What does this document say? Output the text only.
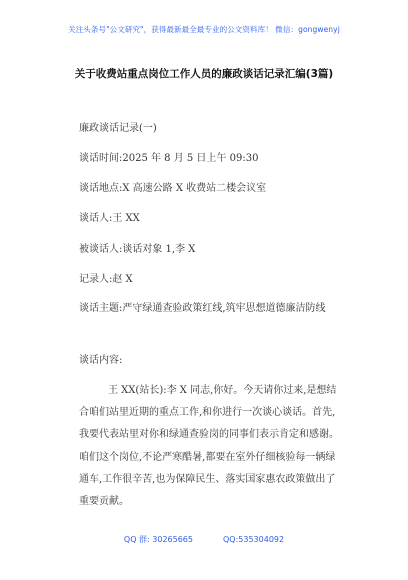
关注头条号"公文研究"，获得最新最全最专业的公文资料库！ 微信：gongwenyj
关于收费站重点岗位工作人员的廉政谈话记录汇编(3篇)
廉政谈话记录(一)
谈话时间:2025 年 8 月 5 日上午 09:30
谈话地点:X 高速公路 X 收费站二楼会议室
谈话人:王 XX
被谈话人:谈话对象 1,李 X
记录人:赵 X
谈话主题:严守绿通查验政策红线,筑牢思想道德廉洁防线
谈话内容:
王 XX(站长):李 X 同志,你好。今天请你过来,是想结合咱们站里近期的重点工作,和你进行一次谈心谈话。首先,我要代表站里对你和绿通查验岗的同事们表示肯定和感谢。咱们这个岗位,不论严寒酷暑,都要在室外仔细核验每一辆绿通车,工作很辛苦,也为保障民生、落实国家惠农政策做出了重要贡献。
QQ 群: 30265665	QQ:535304092
